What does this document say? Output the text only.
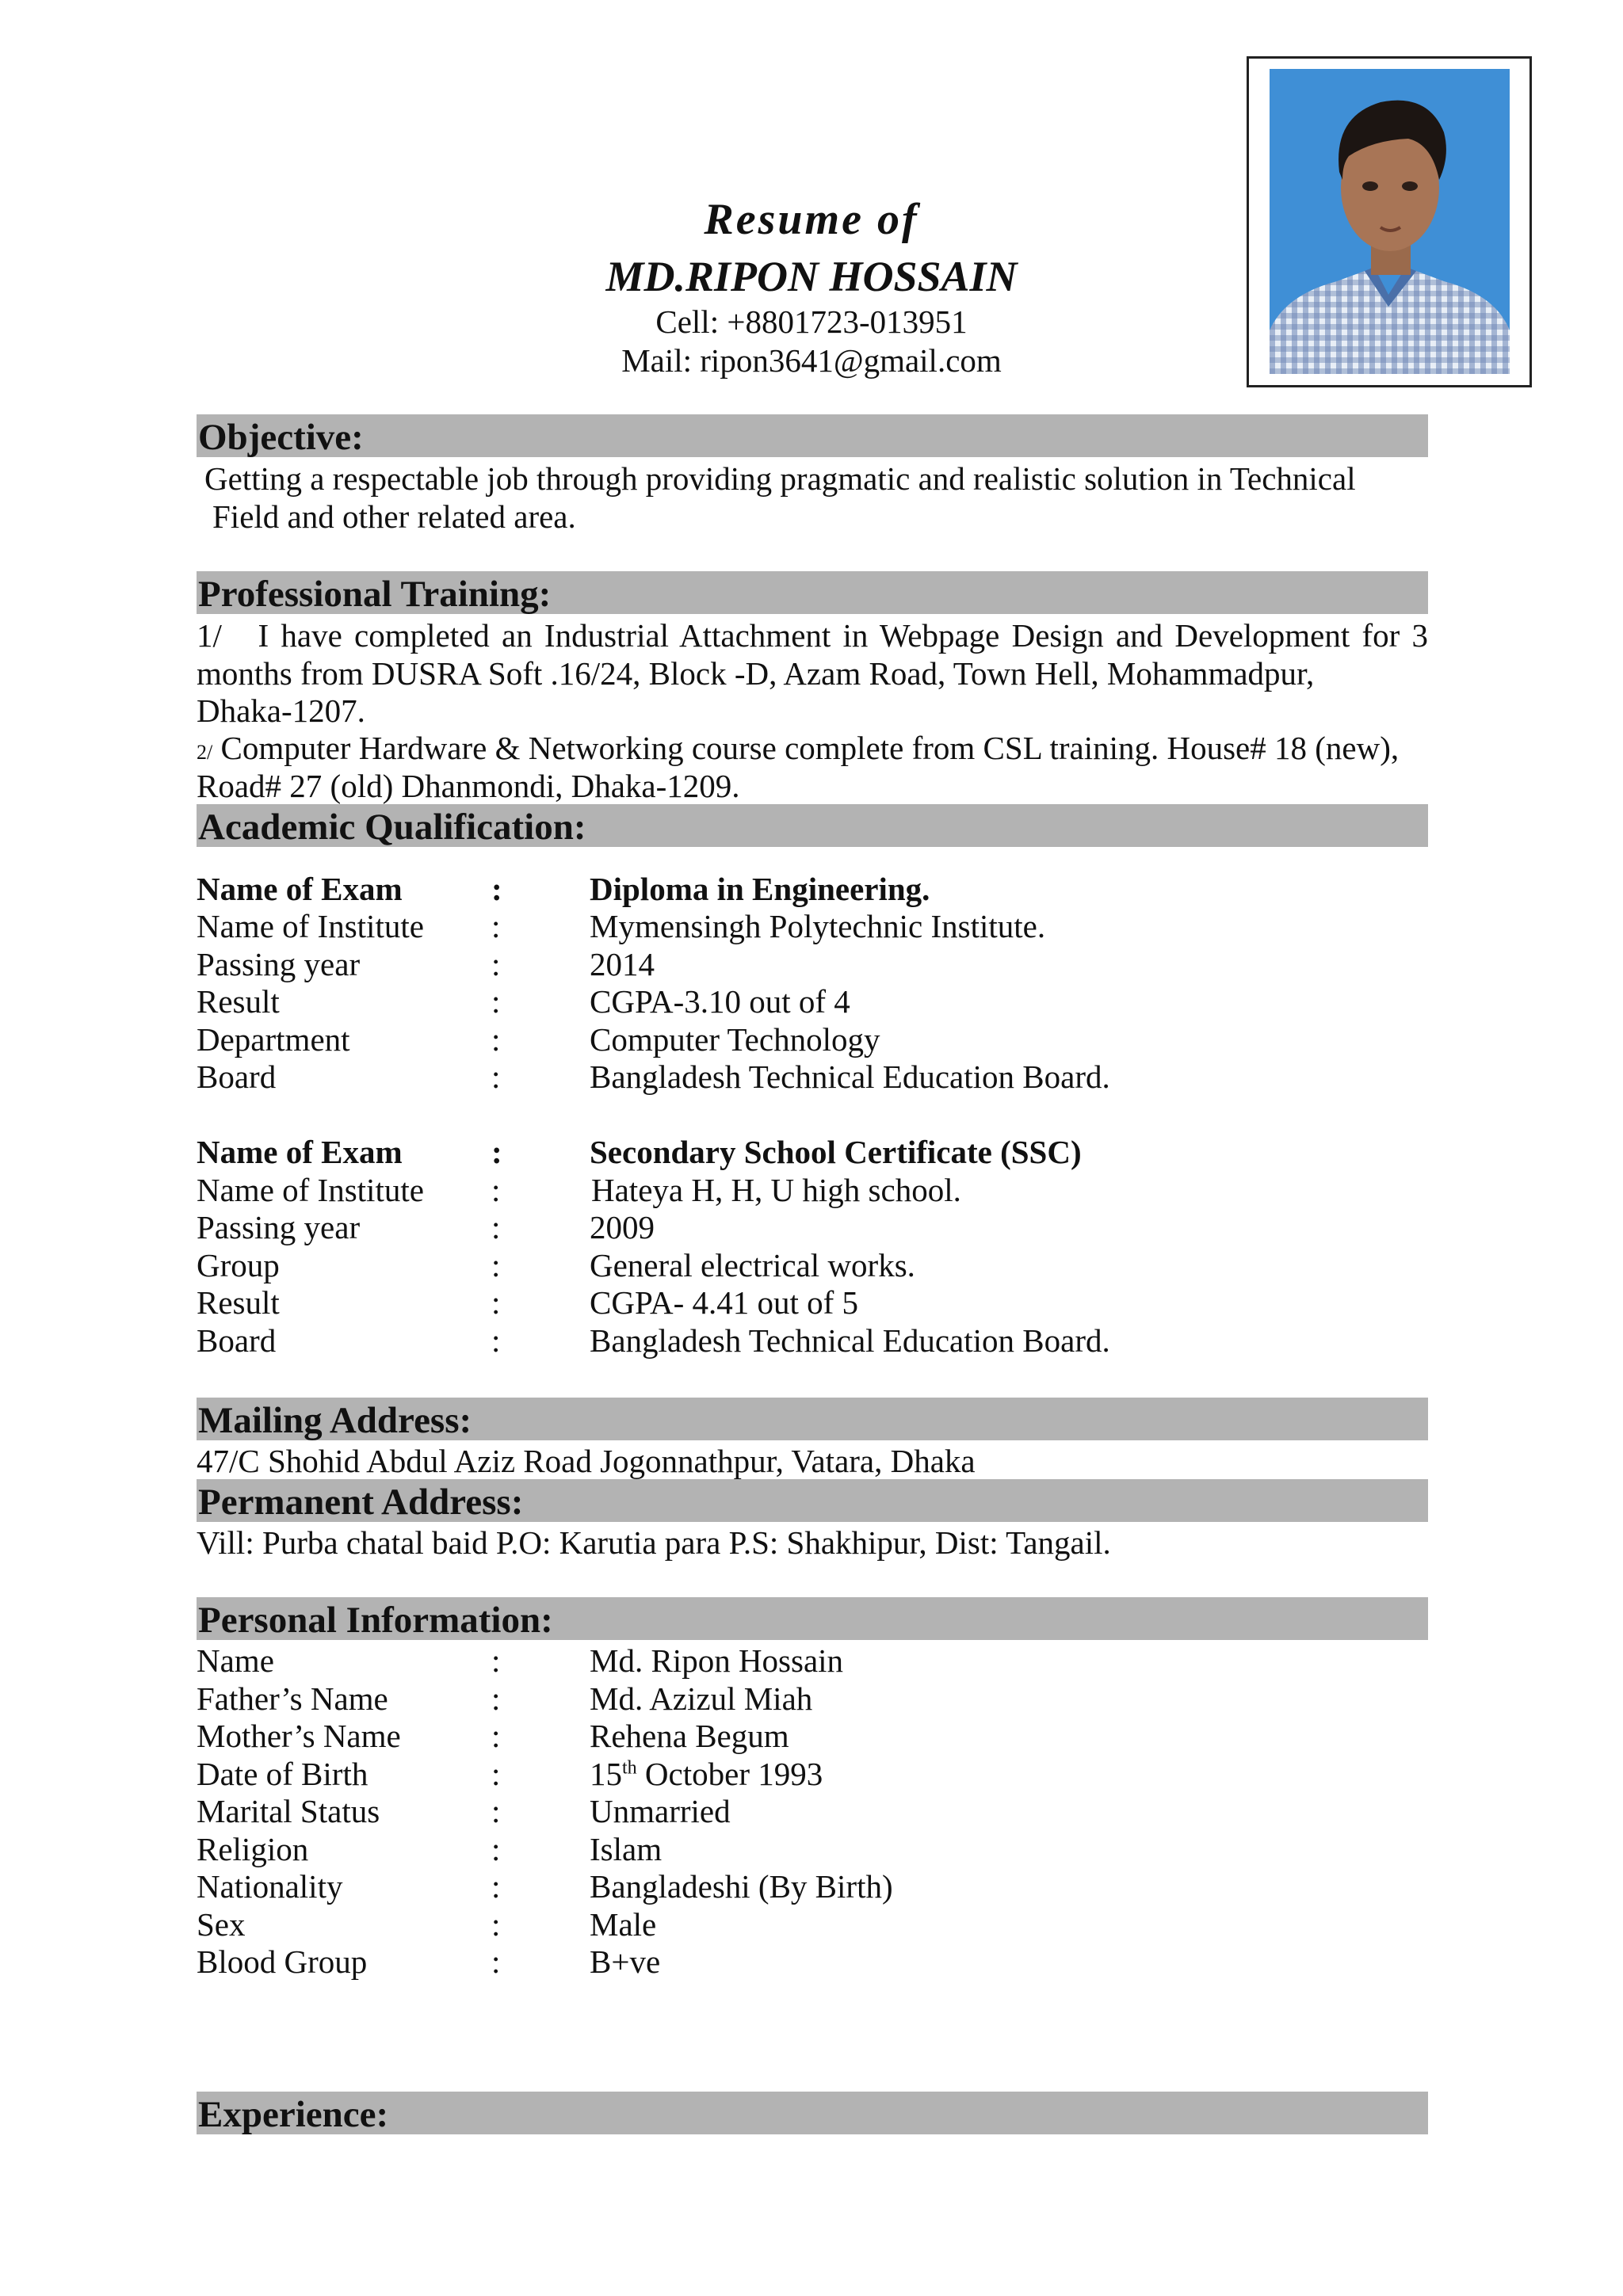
Resume of
MD.RIPON HOSSAIN
Cell: +8801723-013951
Mail: ripon3641@gmail.com
Objective:
Getting a respectable job through providing pragmatic and realistic solution in Technical
Field and other related area.
Professional Training:
1/   I have completed an Industrial Attachment in Webpage Design and Development for 3
months from DUSRA Soft .16/24, Block -D, Azam Road, Town Hell, Mohammadpur,
Dhaka-1207.
2/ Computer Hardware & Networking course complete from CSL training. House# 18 (new),
Road# 27 (old) Dhanmondi, Dhaka-1209.
Academic Qualification:
Name of Exam	:	Diploma in Engineering.
Name of Institute :	Mymensingh Polytechnic Institute.
Passing year	:	2014
Result	:	CGPA-3.10 out of 4
Department	:	Computer Technology
Board	:	Bangladesh Technical Education Board.
Name of Exam	:	Secondary School Certificate (SSC)
Name of Institute :	Hateya H, H, U high school.
Passing year	:	2009
Group	:	General electrical works.
Result	:	CGPA- 4.41 out of 5
Board	:	Bangladesh Technical Education Board.
Mailing Address:
47/C Shohid Abdul Aziz Road Jogonnathpur, Vatara, Dhaka
Permanent Address:
Vill: Purba chatal baid P.O: Karutia para P.S: Shakhipur, Dist: Tangail.
Personal Information:
Name	:	Md. Ripon Hossain
Father’s Name	:	Md. Azizul Miah
Mother’s Name	:	Rehena Begum
Date of Birth	:	15th October 1993
Marital Status	:	Unmarried
Religion	:	Islam
Nationality	:	Bangladeshi (By Birth)
Sex	:	Male
Blood Group	:	B+ve
Experience:
